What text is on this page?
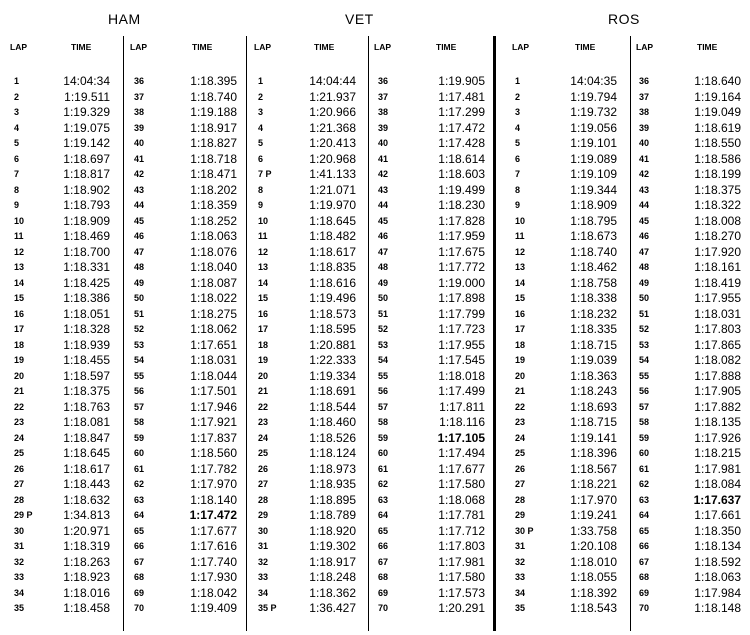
HAM
LAP	TIME
1	14:04:34
2	1:19.511
3	1:19.329
4	1:19.075
5	1:19.142
6	1:18.697
7	1:18.817
8	1:18.902
9	1:18.793
10	1:18.909
11	1:18.469
12	1:18.700
13	1:18.331
14	1:18.425
15	1:18.386
16	1:18.051
17	1:18.328
18	1:18.939
19	1:18.455
20	1:18.597
21	1:18.375
22	1:18.763
23	1:18.081
24	1:18.847
25	1:18.645
26	1:18.617
27	1:18.443
28	1:18.632
29 P	1:34.813
30	1:20.971
31	1:18.319
32	1:18.263
33	1:18.923
34	1:18.016
35	1:18.458
LAP	TIME
36	1:18.395
37	1:18.740
38	1:19.188
39	1:18.917
40	1:18.827
41	1:18.718
42	1:18.471
43	1:18.202
44	1:18.359
45	1:18.252
46	1:18.063
47	1:18.076
48	1:18.040
49	1:18.087
50	1:18.022
51	1:18.275
52	1:18.062
53	1:17.651
54	1:18.031
55	1:18.044
56	1:17.501
57	1:17.946
58	1:17.921
59	1:17.837
60	1:18.560
61	1:17.782
62	1:17.970
63	1:18.140
64	1:17.472
65	1:17.677
66	1:17.616
67	1:17.740
68	1:17.930
69	1:18.042
70	1:19.409
VET
LAP	TIME
1	14:04:44
2	1:21.937
3	1:20.966
4	1:21.368
5	1:20.413
6	1:20.968
7 P	1:41.133
8	1:21.071
9	1:19.970
10	1:18.645
11	1:18.482
12	1:18.617
13	1:18.835
14	1:18.616
15	1:19.496
16	1:18.573
17	1:18.595
18	1:20.881
19	1:22.333
20	1:19.334
21	1:18.691
22	1:18.544
23	1:18.460
24	1:18.526
25	1:18.124
26	1:18.973
27	1:18.935
28	1:18.895
29	1:18.789
30	1:18.920
31	1:19.302
32	1:18.917
33	1:18.248
34	1:18.362
35 P	1:36.427
LAP	TIME
36	1:19.905
37	1:17.481
38	1:17.299
39	1:17.472
40	1:17.428
41	1:18.614
42	1:18.603
43	1:19.499
44	1:18.230
45	1:17.828
46	1:17.959
47	1:17.675
48	1:17.772
49	1:19.000
50	1:17.898
51	1:17.799
52	1:17.723
53	1:17.955
54	1:17.545
55	1:18.018
56	1:17.499
57	1:17.811
58	1:18.116
59	1:17.105
60	1:17.494
61	1:17.677
62	1:17.580
63	1:18.068
64	1:17.781
65	1:17.712
66	1:17.803
67	1:17.981
68	1:17.580
69	1:17.573
70	1:20.291
ROS
LAP	TIME
1	14:04:35
2	1:19.794
3	1:19.732
4	1:19.056
5	1:19.101
6	1:19.089
7	1:19.109
8	1:19.344
9	1:18.909
10	1:18.795
11	1:18.673
12	1:18.740
13	1:18.462
14	1:18.758
15	1:18.338
16	1:18.232
17	1:18.335
18	1:18.715
19	1:19.039
20	1:18.363
21	1:18.243
22	1:18.693
23	1:18.715
24	1:19.141
25	1:18.396
26	1:18.567
27	1:18.221
28	1:17.970
29	1:19.241
30 P	1:33.758
31	1:20.108
32	1:18.010
33	1:18.055
34	1:18.392
35	1:18.543
LAP	TIME
36	1:18.640
37	1:19.164
38	1:19.049
39	1:18.619
40	1:18.550
41	1:18.586
42	1:18.199
43	1:18.375
44	1:18.322
45	1:18.008
46	1:18.270
47	1:17.920
48	1:18.161
49	1:18.419
50	1:17.955
51	1:18.031
52	1:17.803
53	1:17.865
54	1:18.082
55	1:17.888
56	1:17.905
57	1:17.882
58	1:18.135
59	1:17.926
60	1:18.215
61	1:17.981
62	1:18.084
63	1:17.637
64	1:17.661
65	1:18.350
66	1:18.134
67	1:18.592
68	1:18.063
69	1:17.984
70	1:18.148
